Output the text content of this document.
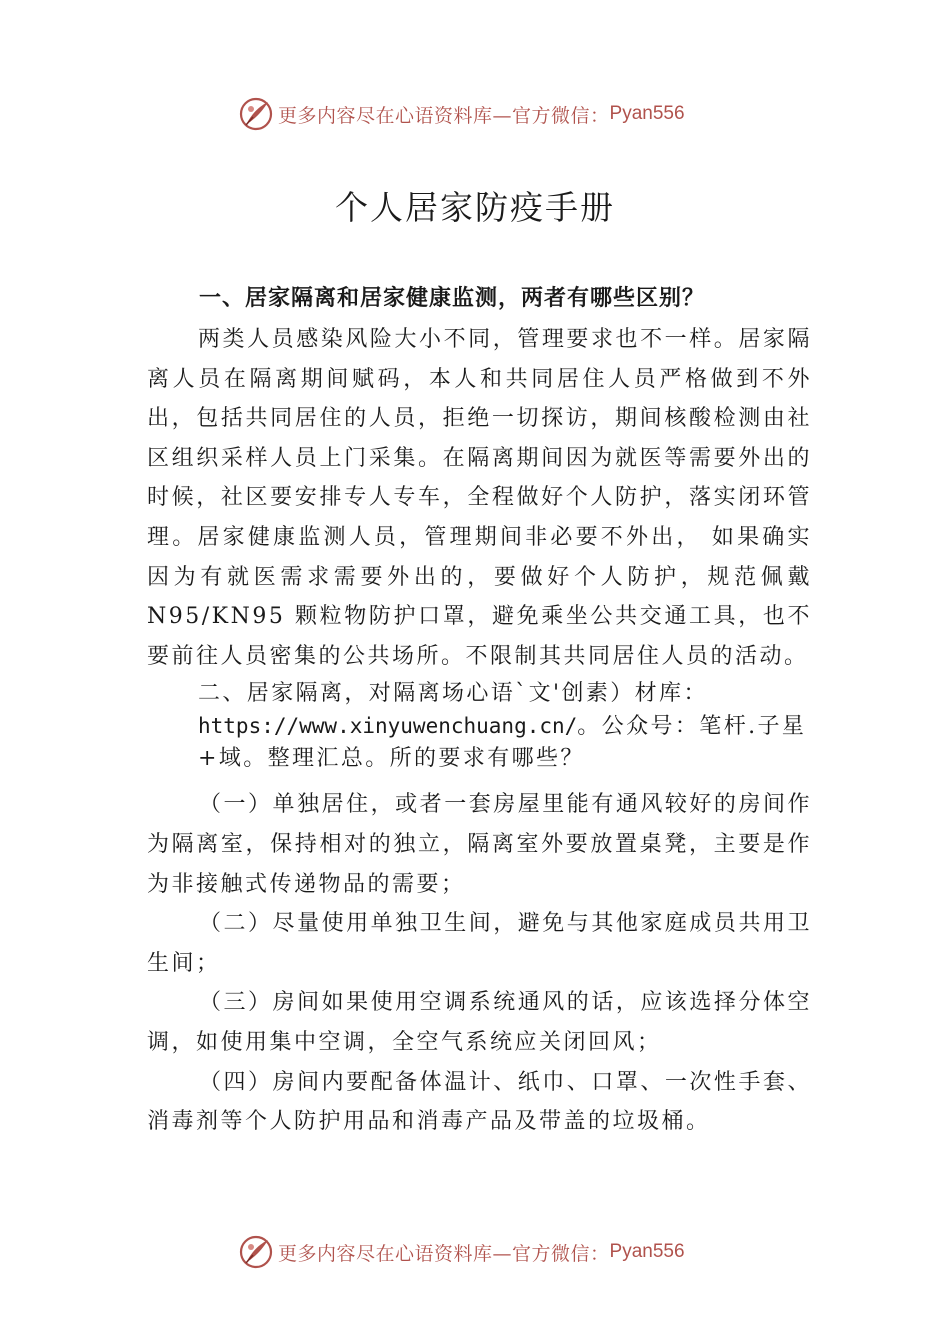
更多内容尽在心语资料库—官方微信： Pyan556
个人居家防疫手册

一、居家隔离和居家健康监测，两者有哪些区别？

两类人员感染风险大小不同，管理要求也不一样。居家隔离人员在隔离期间赋码，本人和共同居住人员严格做到不外出，包括共同居住的人员，拒绝一切探访，期间核酸检测由社区组织采样人员上门采集。在隔离期间因为就医等需要外出的时候，社区要安排专人专车，全程做好个人防护，落实闭环管理。居家健康监测人员，管理期间非必要不外出， 如果确实因为有就医需求需要外出的，要做好个人防护，规范佩戴 N95/KN95 颗粒物防护口罩，避免乘坐公共交通工具，也不要前往人员密集的公共场所。不限制其共同居住人员的活动。

二、居家隔离，对隔离场心语`文'创素）材库：
https://www.xinyuwenchuang.cn/。公众号：笔杆.子星+域。整理汇总。所的要求有哪些？

（一）单独居住，或者一套房屋里能有通风较好的房间作为隔离室，保持相对的独立，隔离室外要放置桌凳，主要是作为非接触式传递物品的需要；

（二）尽量使用单独卫生间，避免与其他家庭成员共用卫生间；

（三）房间如果使用空调系统通风的话，应该选择分体空调，如使用集中空调，全空气系统应关闭回风；

（四）房间内要配备体温计、纸巾、口罩、一次性手套、消毒剂等个人防护用品和消毒产品及带盖的垃圾桶。

更多内容尽在心语资料库—官方微信： Pyan556
